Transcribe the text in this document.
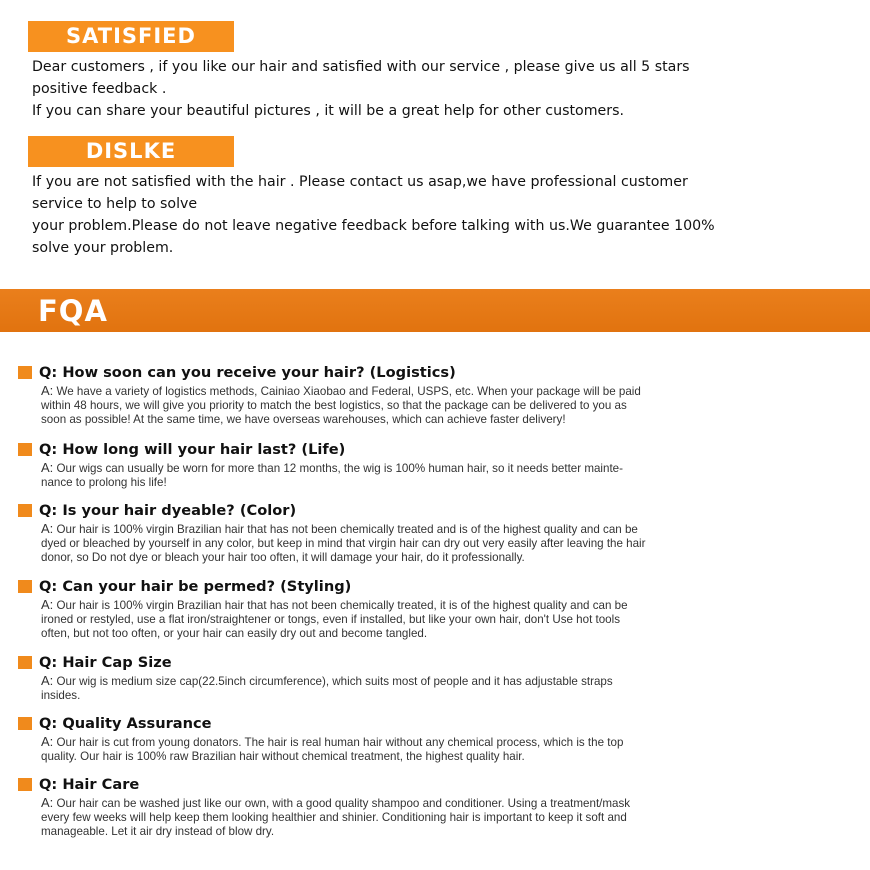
SATISFIED

Dear customers , if you like our hair and satisfied with our service , please give us all 5 stars

positive feedback .

If you can share your beautiful pictures , it will be a great help for other customers.

DISLKE

If you are not satisfied with the hair . Please contact us asap,we have professional customer

service to help to solve

your problem.Please do not leave negative feedback before talking with us.We guarantee 100%

solve your problem.

FQA
Q: How soon can you receive your hair? (Logistics)

A: We have a variety of logistics methods, Cainiao Xiaobao and Federal, USPS, etc. When your package will be paid

within 48 hours, we will give you priority to match the best logistics, so that the package can be delivered to you as

soon as possible! At the same time, we have overseas warehouses, which can achieve faster delivery!

Q: How long will your hair last? (Life)

A: Our wigs can usually be worn for more than 12 months, the wig is 100% human hair, so it needs better mainte-

nance to prolong his life!

Q: Is your hair dyeable? (Color)

A: Our hair is 100% virgin Brazilian hair that has not been chemically treated and is of the highest quality and can be

dyed or bleached by yourself in any color, but keep in mind that virgin hair can dry out very easily after leaving the hair

donor, so Do not dye or bleach your hair too often, it will damage your hair, do it professionally.

Q: Can your hair be permed? (Styling)

A: Our hair is 100% virgin Brazilian hair that has not been chemically treated, it is of the highest quality and can be

ironed or restyled, use a flat iron/straightener or tongs, even if installed, but like your own hair, don't Use hot tools

often, but not too often, or your hair can easily dry out and become tangled.

Q: Hair Cap Size

A: Our wig is medium size cap(22.5inch circumference), which suits most of people and it has adjustable straps

insides.

Q: Quality Assurance

A: Our hair is cut from young donators. The hair is real human hair without any chemical process, which is the top

quality. Our hair is 100% raw Brazilian hair without chemical treatment, the highest quality hair.

Q: Hair Care

A: Our hair can be washed just like our own, with a good quality shampoo and conditioner. Using a treatment/mask

every few weeks will help keep them looking healthier and shinier. Conditioning hair is important to keep it soft and

manageable. Let it air dry instead of blow dry.
